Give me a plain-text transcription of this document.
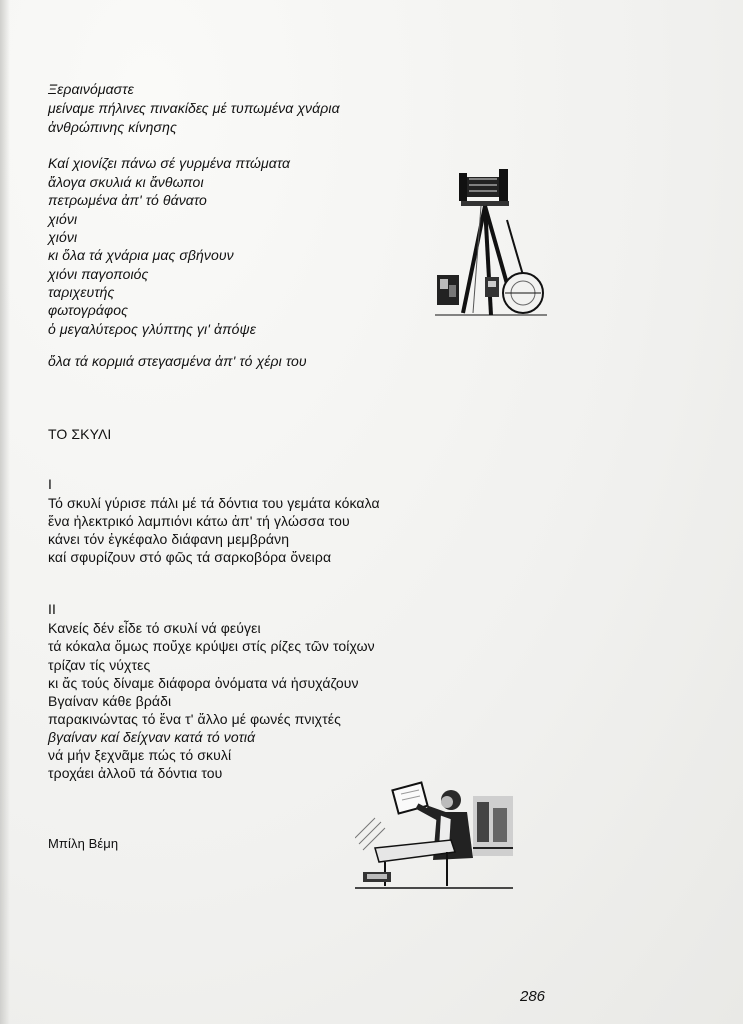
Ξεραινόμαστε

μείναμε πήλινες πινακίδες μέ τυπωμένα χνάρια

ἀνθρώπινης κίνησης

Καί χιονίζει πάνω σέ γυρμένα πτώματα

ἄλογα σκυλιά κι ἄνθωποι

πετρωμένα ἀπ' τό θάνατο

χιόνι

χιόνι

κι ὅλα τά χνάρια μας σβήνουν

χιόνι παγοποιός

ταριχευτής

φωτογράφος

ὁ μεγαλύτερος γλύπτης γι' ἀπόψε

ὅλα τά κορμιά στεγασμένα ἀπ' τό χέρι του

ΤΟ ΣΚΥΛΙ

Ι

Τό σκυλί γύρισε πάλι μέ τά δόντια του γεμάτα κόκαλα

ἕνα ἠλεκτρικό λαμπιόνι κάτω ἀπ' τή γλώσσα του

κάνει τόν ἐγκέφαλο διάφανη μεμβράνη

καί σφυρίζουν στό φῶς τά σαρκοβόρα ὄνειρα

ΙΙ

Κανείς δέν εἶδε τό σκυλί νά φεύγει

τά κόκαλα ὅμως ποὔχε κρύψει στίς ρίζες τῶν τοίχων

τρίζαν τίς νύχτες

κι ἄς τούς δίναμε διάφορα ὀνόματα νά ἡσυχάζουν

Βγαίναν κάθε βράδι

παρακινώντας τό ἕνα τ' ἄλλο μέ φωνές πνιχτές

βγαίναν καί δείχναν κατά τό νοτιά

νά μήν ξεχνᾶμε πώς τό σκυλί

τροχάει ἀλλοῦ τά δόντια του

Μπίλη Βέμη

286
